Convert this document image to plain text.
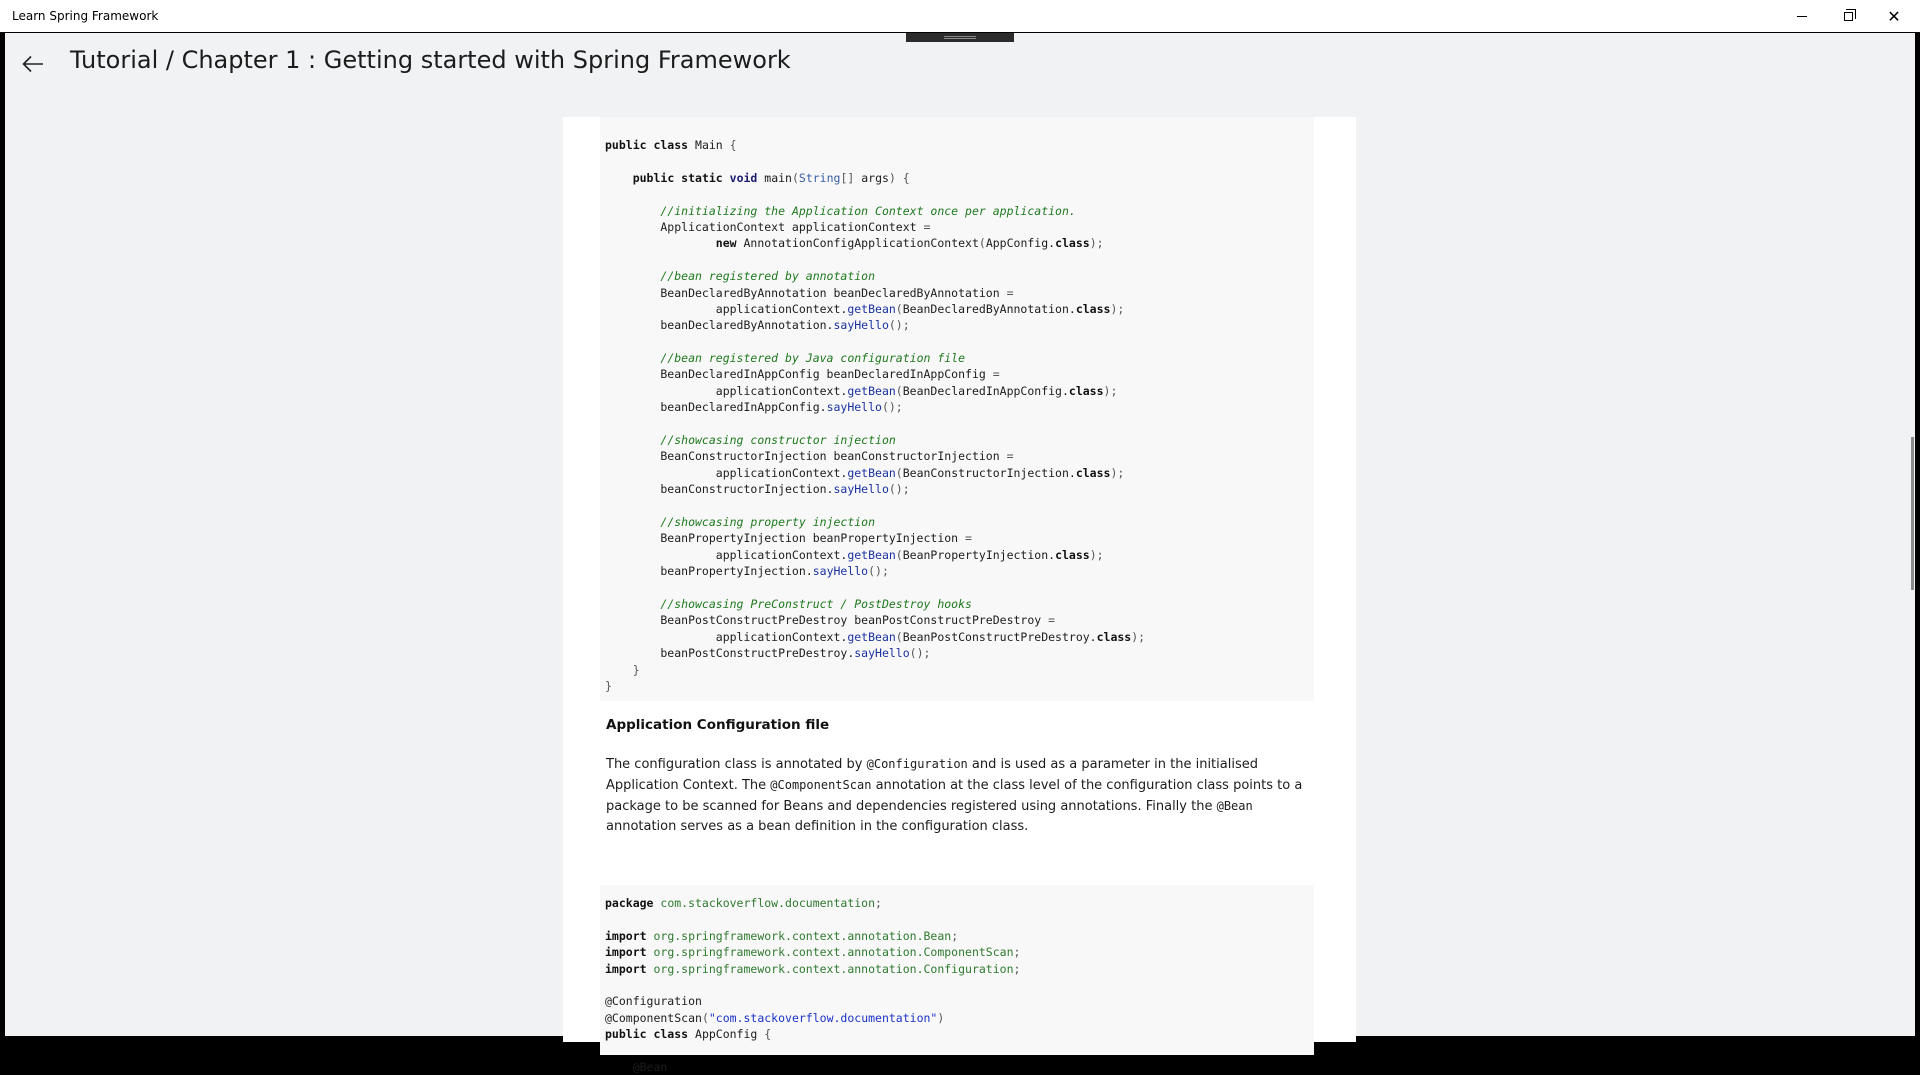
Learn Spring Framework	✕
Tutorial / Chapter 1 : Getting started with Spring Framework
public class Main {
public static void main(String[] args) {
//initializing the Application Context once per application.
ApplicationContext applicationContext =
new AnnotationConfigApplicationContext(AppConfig.class);
//bean registered by annotation
BeanDeclaredByAnnotation beanDeclaredByAnnotation =
applicationContext.getBean(BeanDeclaredByAnnotation.class);
beanDeclaredByAnnotation.sayHello();
//bean registered by Java configuration file
BeanDeclaredInAppConfig beanDeclaredInAppConfig =
applicationContext.getBean(BeanDeclaredInAppConfig.class);
beanDeclaredInAppConfig.sayHello();
//showcasing constructor injection
BeanConstructorInjection beanConstructorInjection =
applicationContext.getBean(BeanConstructorInjection.class);
beanConstructorInjection.sayHello();
//showcasing property injection
BeanPropertyInjection beanPropertyInjection =
applicationContext.getBean(BeanPropertyInjection.class);
beanPropertyInjection.sayHello();
//showcasing PreConstruct / PostDestroy hooks
BeanPostConstructPreDestroy beanPostConstructPreDestroy =
applicationContext.getBean(BeanPostConstructPreDestroy.class);
beanPostConstructPreDestroy.sayHello();
}
}
Application Configuration file

The configuration class is annotated by @Configuration and is used as a parameter in the initialised Application Context. The @ComponentScan annotation at the class level of the configuration class points to a package to be scanned for Beans and dependencies registered using annotations. Finally the @Bean annotation serves as a bean definition in the configuration class.

package com.stackoverflow.documentation;
import org.springframework.context.annotation.Bean;
import org.springframework.context.annotation.ComponentScan;
import org.springframework.context.annotation.Configuration;
@Configuration
@ComponentScan("com.stackoverflow.documentation")
public class AppConfig {
@Bean
